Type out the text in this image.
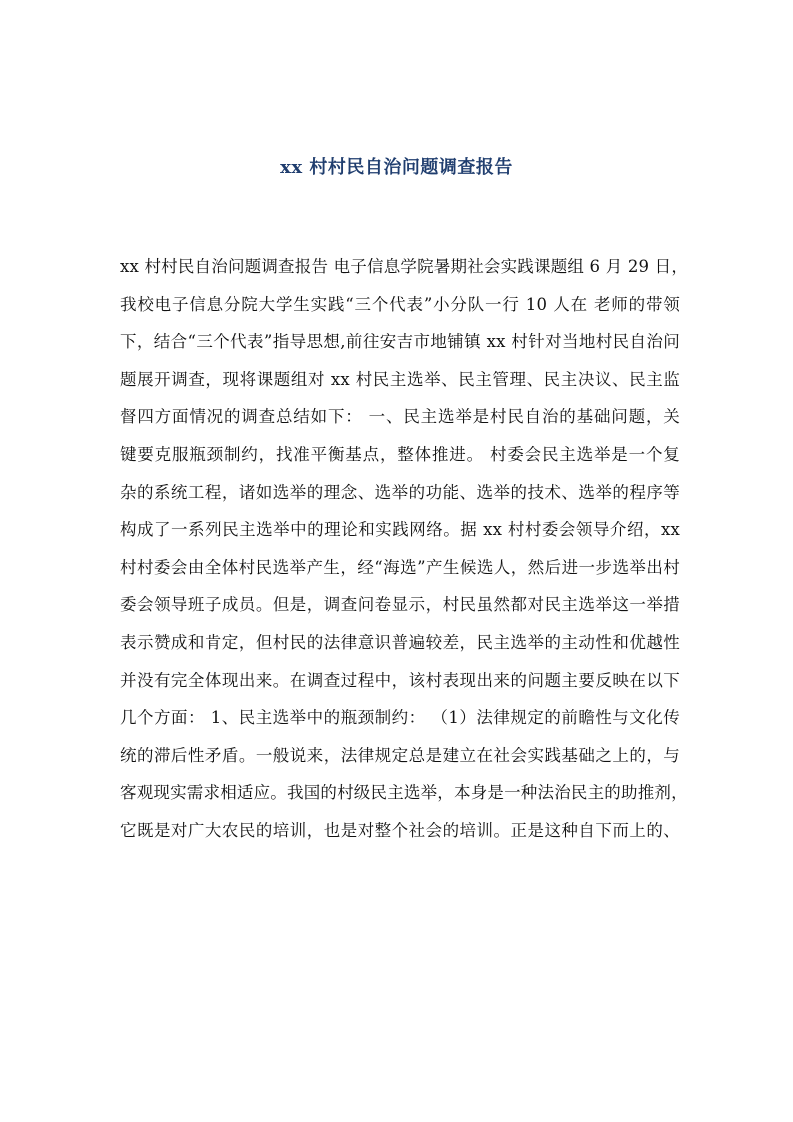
xx 村村民自治问题调查报告
xx 村村民自治问题调查报告 电子信息学院暑期社会实践课题组 6 月 29 日，
我校电子信息分院大学生实践“三个代表”小分队一行 10 人在 老师的带领
下，结合“三个代表”指导思想,前往安吉市地铺镇 xx 村针对当地村民自治问
题展开调查，现将课题组对 xx 村民主选举、民主管理、民主决议、民主监
督四方面情况的调查总结如下： 一、民主选举是村民自治的基础问题，关
键要克服瓶颈制约，找准平衡基点，整体推进。 村委会民主选举是一个复
杂的系统工程，诸如选举的理念、选举的功能、选举的技术、选举的程序等
构成了一系列民主选举中的理论和实践网络。据 xx 村村委会领导介绍，xx
村村委会由全体村民选举产生，经“海选”产生候选人，然后进一步选举出村
委会领导班子成员。但是，调查问卷显示，村民虽然都对民主选举这一举措
表示赞成和肯定，但村民的法律意识普遍较差，民主选举的主动性和优越性
并没有完全体现出来。在调查过程中，该村表现出来的问题主要反映在以下
几个方面： 1、民主选举中的瓶颈制约： （1）法律规定的前瞻性与文化传
统的滞后性矛盾。一般说来，法律规定总是建立在社会实践基础之上的，与
客观现实需求相适应。我国的村级民主选举，本身是一种法治民主的助推剂，
它既是对广大农民的培训，也是对整个社会的培训。正是这种自下而上的、
